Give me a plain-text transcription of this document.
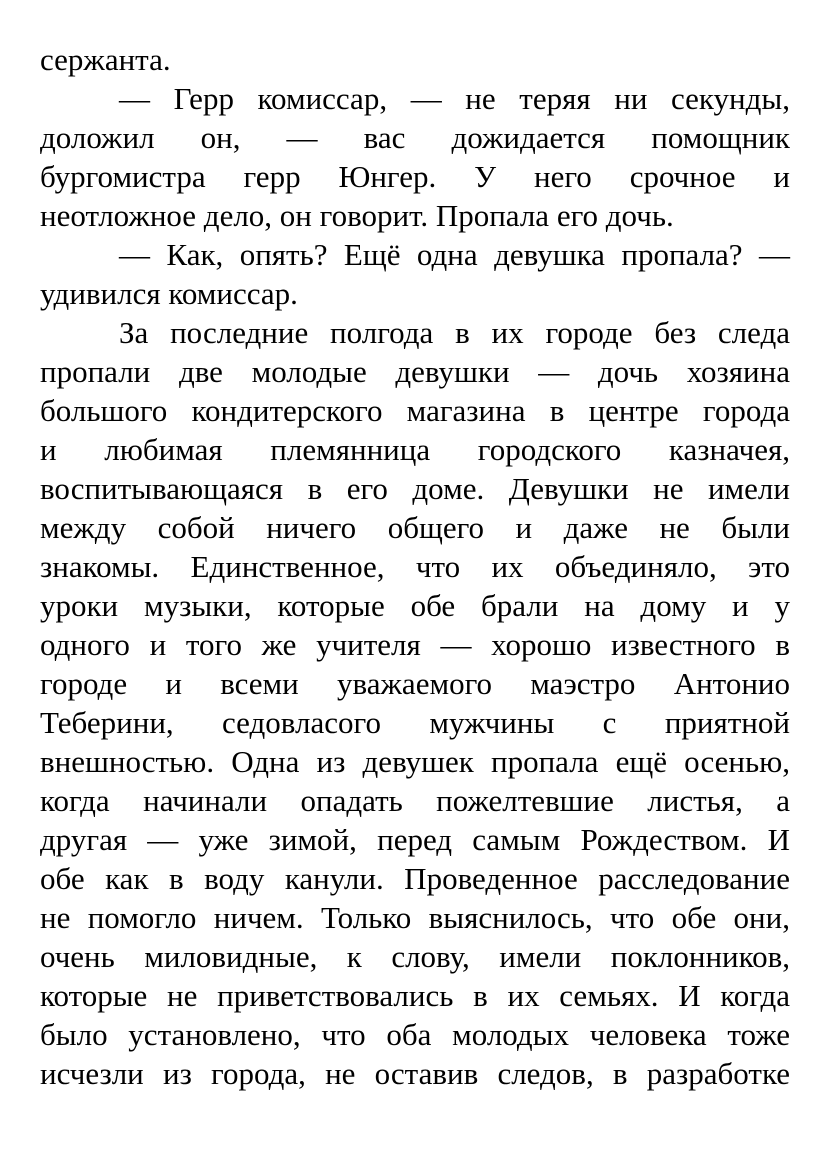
сержанта.
— Герр комиссар, — не теряя ни секунды,
доложил он, — вас дожидается помощник
бургомистра герр Юнгер. У него срочное и
неотложное дело, он говорит. Пропала его дочь.
— Как, опять? Ещё одна девушка пропала? —
удивился комиссар.
За последние полгода в их городе без следа
пропали две молодые девушки — дочь хозяина
большого кондитерского магазина в центре города
и любимая племянница городского казначея,
воспитывающаяся в его доме. Девушки не имели
между собой ничего общего и даже не были
знакомы. Единственное, что их объединяло, это
уроки музыки, которые обе брали на дому и у
одного и того же учителя — хорошо известного в
городе и всеми уважаемого маэстро Антонио
Теберини, седовласого мужчины с приятной
внешностью. Одна из девушек пропала ещё осенью,
когда начинали опадать пожелтевшие листья, а
другая — уже зимой, перед самым Рождеством. И
обе как в воду канули. Проведенное расследование
не помогло ничем. Только выяснилось, что обе они,
очень миловидные, к слову, имели поклонников,
которые не приветствовались в их семьях. И когда
было установлено, что оба молодых человека тоже
исчезли из города, не оставив следов, в разработке
